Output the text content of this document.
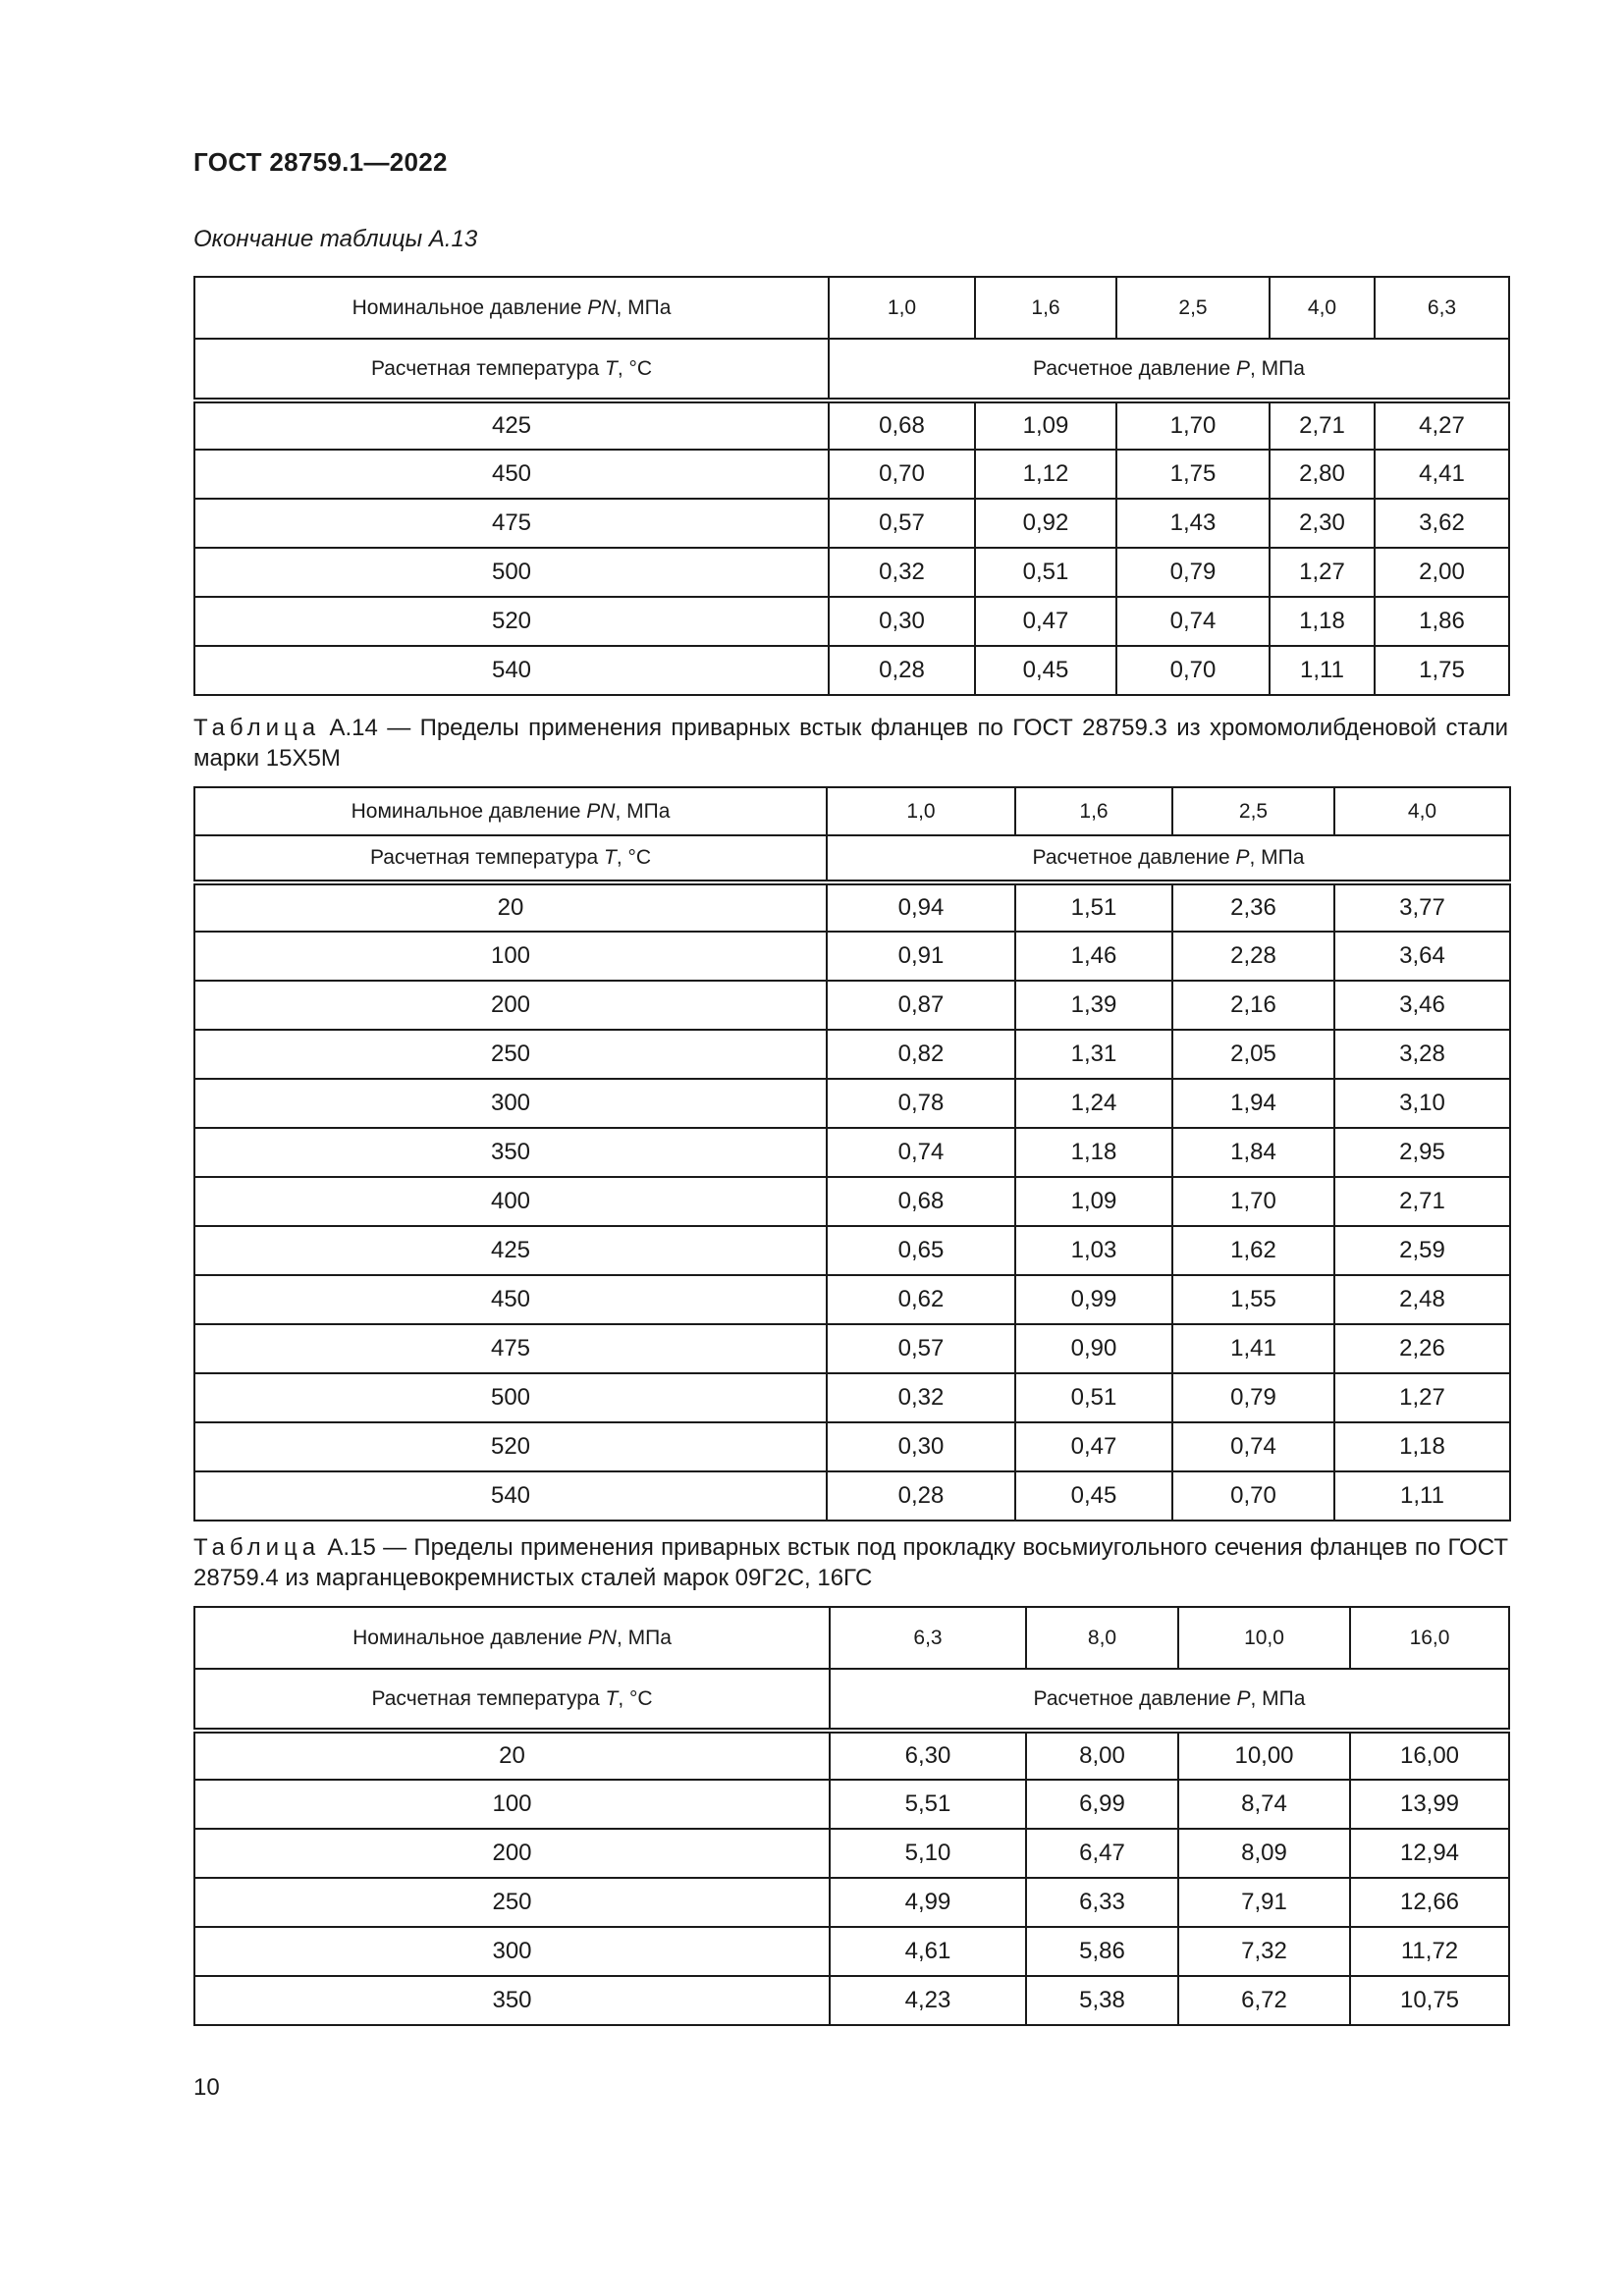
ГОСТ 28759.1—2022
Окончание таблицы А.13
Номинальное давление PN, МПа	1,0	1,6	2,5	4,0	6,3
Расчетная температура T, °С	Расчетное давление P, МПа				
425	0,68	1,09	1,70	2,71	4,27
450	0,70	1,12	1,75	2,80	4,41
475	0,57	0,92	1,43	2,30	3,62
500	0,32	0,51	0,79	1,27	2,00
520	0,30	0,47	0,74	1,18	1,86
540	0,28	0,45	0,70	1,11	1,75
Таблица А.14 — Пределы применения приварных встык фланцев по ГОСТ 28759.3 из хромомолибденовой стали марки 15Х5М
Номинальное давление PN, МПа	1,0	1,6	2,5	4,0
Расчетная температура T, °С	Расчетное давление P, МПа			
20	0,94	1,51	2,36	3,77
100	0,91	1,46	2,28	3,64
200	0,87	1,39	2,16	3,46
250	0,82	1,31	2,05	3,28
300	0,78	1,24	1,94	3,10
350	0,74	1,18	1,84	2,95
400	0,68	1,09	1,70	2,71
425	0,65	1,03	1,62	2,59
450	0,62	0,99	1,55	2,48
475	0,57	0,90	1,41	2,26
500	0,32	0,51	0,79	1,27
520	0,30	0,47	0,74	1,18
540	0,28	0,45	0,70	1,11
Таблица А.15 — Пределы применения приварных встык под прокладку восьмиугольного сечения фланцев по ГОСТ 28759.4 из марганцевокремнистых сталей марок 09Г2С, 16ГС
Номинальное давление PN, МПа	6,3	8,0	10,0	16,0
Расчетная температура T, °С	Расчетное давление P, МПа			
20	6,30	8,00	10,00	16,00
100	5,51	6,99	8,74	13,99
200	5,10	6,47	8,09	12,94
250	4,99	6,33	7,91	12,66
300	4,61	5,86	7,32	11,72
350	4,23	5,38	6,72	10,75
10
